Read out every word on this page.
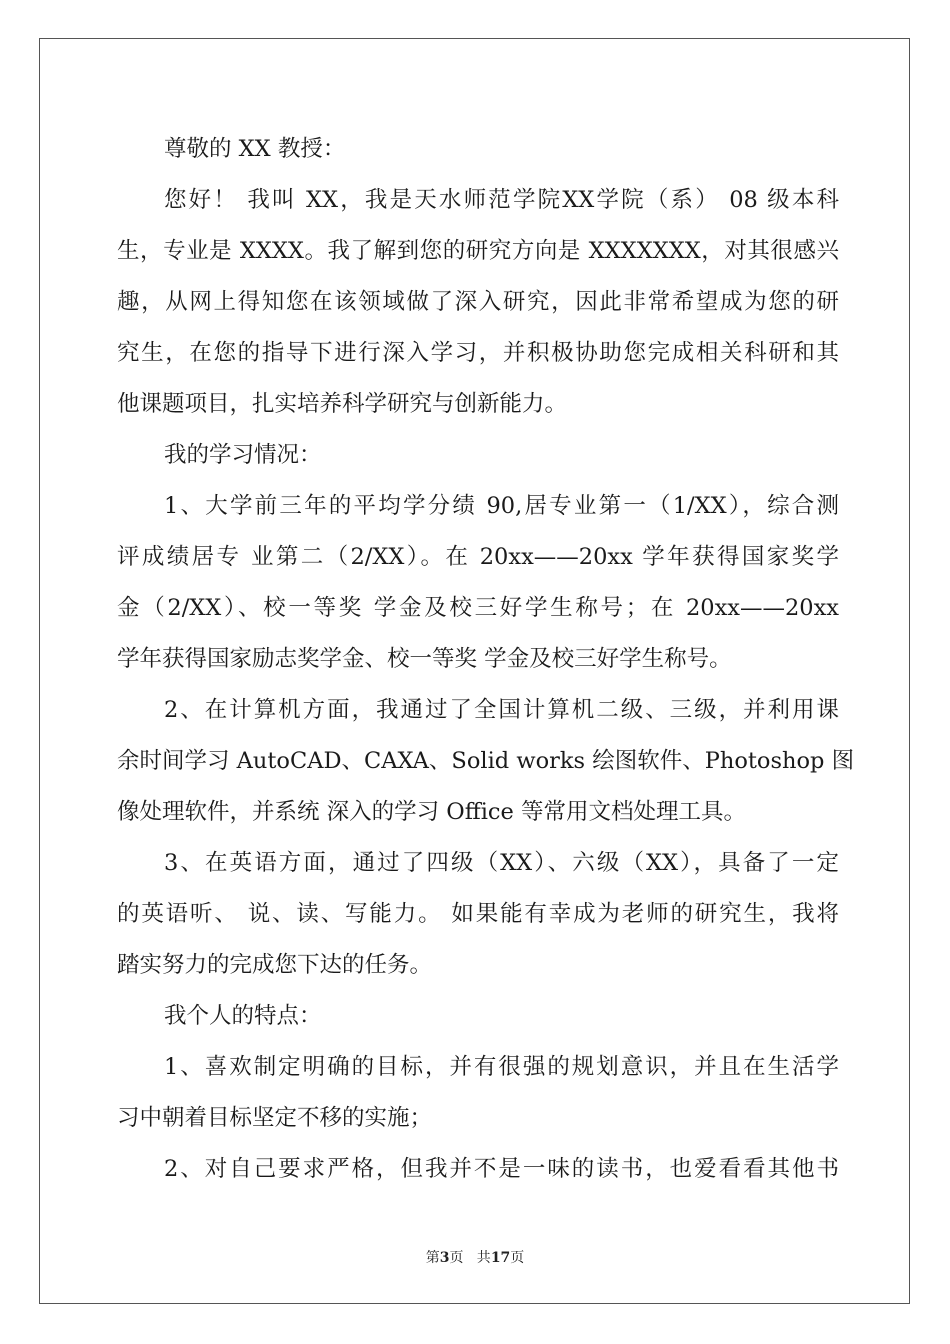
尊敬的 XX 教授：
您好！ 我叫 XX，我是天水师范学院XX学院（系） 08 级本科
生，专业是 XXXX。我了解到您的研究方向是 XXXXXXX，对其很感兴
趣，从网上得知您在该领域做了深入研究，因此非常希望成为您的研
究生，在您的指导下进行深入学习，并积极协助您完成相关科研和其
他课题项目，扎实培养科学研究与创新能力。
我的学习情况：
1、大学前三年的平均学分绩 90,居专业第一（1/XX），综合测
评成绩居专 业第二（2/XX）。在 20xx——20xx 学年获得国家奖学
金（2/XX）、校一等奖 学金及校三好学生称号；在 20xx——20xx
学年获得国家励志奖学金、校一等奖 学金及校三好学生称号。
2、在计算机方面，我通过了全国计算机二级、三级，并利用课
余时间学习 AutoCAD、CAXA、Solid works 绘图软件、Photoshop 图
像处理软件，并系统 深入的学习 Office 等常用文档处理工具。
3、在英语方面，通过了四级（XX）、六级（XX），具备了一定
的英语听、 说、读、写能力。 如果能有幸成为老师的研究生，我将
踏实努力的完成您下达的任务。
我个人的特点：
1、喜欢制定明确的目标，并有很强的规划意识，并且在生活学
习中朝着目标坚定不移的实施；
2、对自己要求严格，但我并不是一味的读书，也爱看看其他书
第3页   共17页
